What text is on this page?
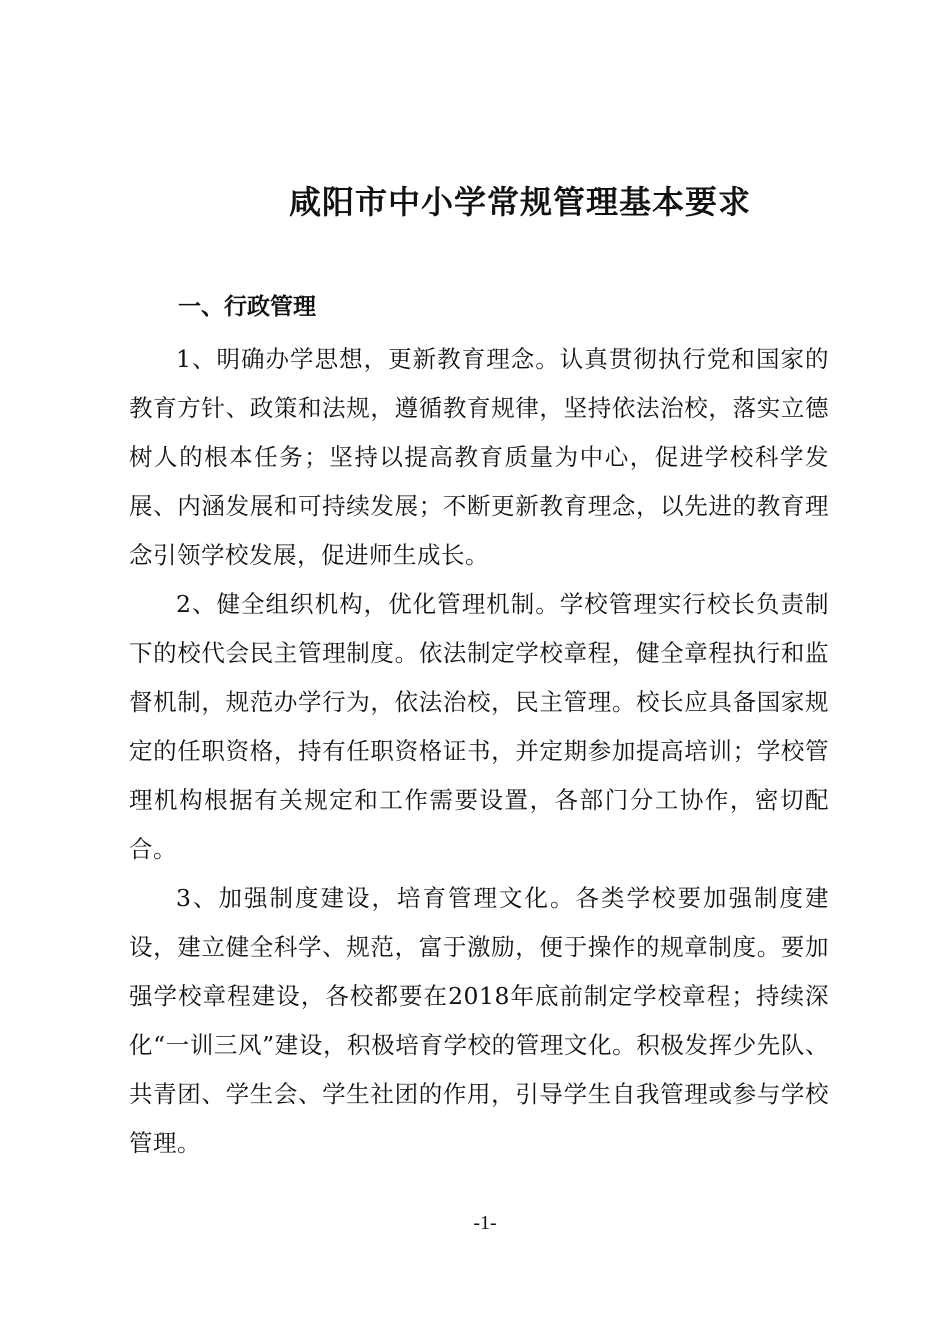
咸阳市中小学常规管理基本要求
一、行政管理

1、明确办学思想，更新教育理念。认真贯彻执行党和国家的教育方针、政策和法规，遵循教育规律，坚持依法治校，落实立德树人的根本任务；坚持以提高教育质量为中心，促进学校科学发展、内涵发展和可持续发展；不断更新教育理念，以先进的教育理念引领学校发展，促进师生成长。

2、健全组织机构，优化管理机制。学校管理实行校长负责制下的校代会民主管理制度。依法制定学校章程，健全章程执行和监督机制，规范办学行为，依法治校，民主管理。校长应具备国家规定的任职资格，持有任职资格证书，并定期参加提高培训；学校管理机构根据有关规定和工作需要设置，各部门分工协作，密切配合。

3、加强制度建设，培育管理文化。各类学校要加强制度建设，建立健全科学、规范，富于激励，便于操作的规章制度。要加强学校章程建设，各校都要在2018年底前制定学校章程；持续深化“一训三风”建设，积极培育学校的管理文化。积极发挥少先队、共青团、学生会、学生社团的作用，引导学生自我管理或参与学校管理。

-1-
